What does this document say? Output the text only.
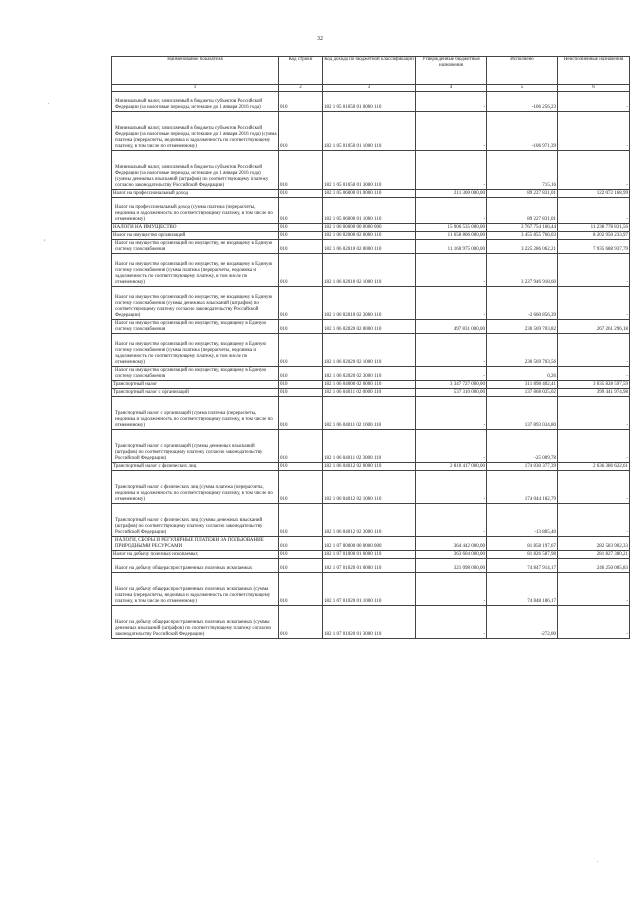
32
Наименование показателя	Код строки	Код дохода по бюджетной классификации	Утвержденные бюджетные назначения	Исполнено	Неисполненные назначения
1	2	3	4	5	6
Минимальный налог, зачисляемый в бюджеты субъектов Российской Федерации (за налоговые периоды, истекшие до 1 января 2016 года)	010	182 1 05 01050 01 0000 110	-	-106 256,23	-
Минимальный налог, зачисляемый в бюджеты субъектов Российской Федерации (за налоговые периоды, истекшие до 1 января 2016 года) (сумма платежа (перерасчеты, недоимка и задолженность по соответствующему платежу, в том числе по отмененному)	010	182 1 05 01050 01 1000 110	-	-106 971,39	-
Минимальный налог, зачисляемый в бюджеты субъектов Российской Федерации (за налоговые периоды, истекшие до 1 января 2016 года) (суммы денежных взысканий (штрафов) по соответствующему платежу согласно законодательству Российской Федерации)	010	182 1 05 01050 01 3000 110	-	715,16	-
Налог на профессиональный доход	010	182 1 05 06000 01 0000 110	211 300 000,00	89 227 831,01	122 072 168,99
Налог на профессиональный доход (сумма платежа (перерасчеты, недоимка и задолженность по соответствующему платежу, в том числе по отмененному)	010	182 1 05 06000 01 1000 110	-	89 227 831,01	-
НАЛОГИ НА ИМУЩЕСТВО	010	182 1 06 00000 00 0000 000	15 006 535 000,00	3 767 754 166,44	11 238 778 831,56
Налог на имущество организаций	010	182 1 06 02000 02 0000 110	11 658 806 000,00	3 455 855 766,03	8 202 950 233,97
Налог на имущество организаций по имуществу, не входящему в Единую систему газоснабжения	010	182 1 06 02010 02 0000 110	11 160 975 000,00	3 225 286 062,21	7 935 688 937,79
Налог на имущество организаций по имуществу, не входящему в Единую систему газоснабжения (сумма платежа (перерасчеты, недоимка и задолженность по соответствующему платежу, в том числе по отмененному)	010	182 1 06 02010 02 1000 110	-	3 227 946 918,60	-
Налог на имущество организаций по имуществу, не входящему в Единую систему газоснабжения (суммы денежных взысканий (штрафов) по соответствующему платежу согласно законодательству Российской Федерации)	010	182 1 06 02010 02 3000 110	-	-2 660 856,39	-
Налог на имущество организаций по имуществу, входящему в Единую систему газоснабжения	010	182 1 06 02020 02 0000 110	497 831 000,00	230 569 703,82	267 261 296,18
Налог на имущество организаций по имуществу, входящему в Единую систему газоснабжения (сумма платежа (перерасчеты, недоимка и задолженность по соответствующему платежу, в том числе по отмененному)	010	182 1 06 02020 02 1000 110	-	230 569 703,56	-
Налог на имущество организаций по имуществу, входящему в Единую систему газоснабжения	010	182 1 06 02020 02 3000 110	-	0,26	-
Транспортный налог	010	182 1 06 04000 02 0000 110	3 347 727 000,00	311 898 402,41	3 035 828 597,59
Транспортный налог с организаций	010	182 1 06 04011 02 0000 110	537 310 000,00	137 868 025,02	399 441 974,98
Транспортный налог с организаций (сумма платежа (перерасчеты, недоимка и задолженность по соответствующему платежу, в том числе по отмененному)	010	182 1 06 04011 02 1000 110	-	137 893 034,80	-
Транспортный налог с организаций (суммы денежных взысканий (штрафов) по соответствующему платежу согласно законодательству Российской Федерации)	010	182 1 06 04011 02 3000 110	-	-25 009,78	-
Транспортный налог с физических лиц	010	182 1 06 04012 02 0000 110	2 810 417 000,00	174 030 377,39	2 636 386 622,61
Транспортный налог с физических лиц (сумма платежа (перерасчеты, недоимка и задолженность по соответствующему платежу, в том числе по отмененному)	010	182 1 06 04012 02 1000 110	-	174 044 182,79	-
Транспортный налог с физических лиц (суммы денежных взысканий (штрафов) по соответствующему платежу согласно законодательству Российской Федерации)	010	182 1 06 04012 02 3000 110	-	-13 805,40	-
НАЛОГИ, СБОРЫ И РЕГУЛЯРНЫЕ ПЛАТЕЖИ ЗА ПОЛЬЗОВАНИЕ ПРИРОДНЫМИ РЕСУРСАМИ	010	182 1 07 00000 00 0000 000	364 442 000,00	81 858 197,67	282 583 902,33
Налог на добычу полезных ископаемых	010	182 1 07 01000 01 0000 110	363 604 000,00	81 826 587,98	281 827 380,21
Налог на добычу общераспространенных полезных ископаемых	010	182 1 07 01020 01 0000 110	321 098 000,00	74 847 914,17	246 250 085,83
Налог на добычу общераспространенных полезных ископаемых (сумма платежа (перерасчеты, недоимка и задолженность по соответствующему платежу, в том числе по отмененному)	010	182 1 07 01020 01 1000 110	-	74 848 186,17	-
Налог на добычу общераспространенных полезных ископаемых (суммы денежных взысканий (штрафов) по соответствующему платежу согласно законодательству Российской Федерации)	010	182 1 07 01020 01 3000 110	-	-272,00	-
.
,
.
